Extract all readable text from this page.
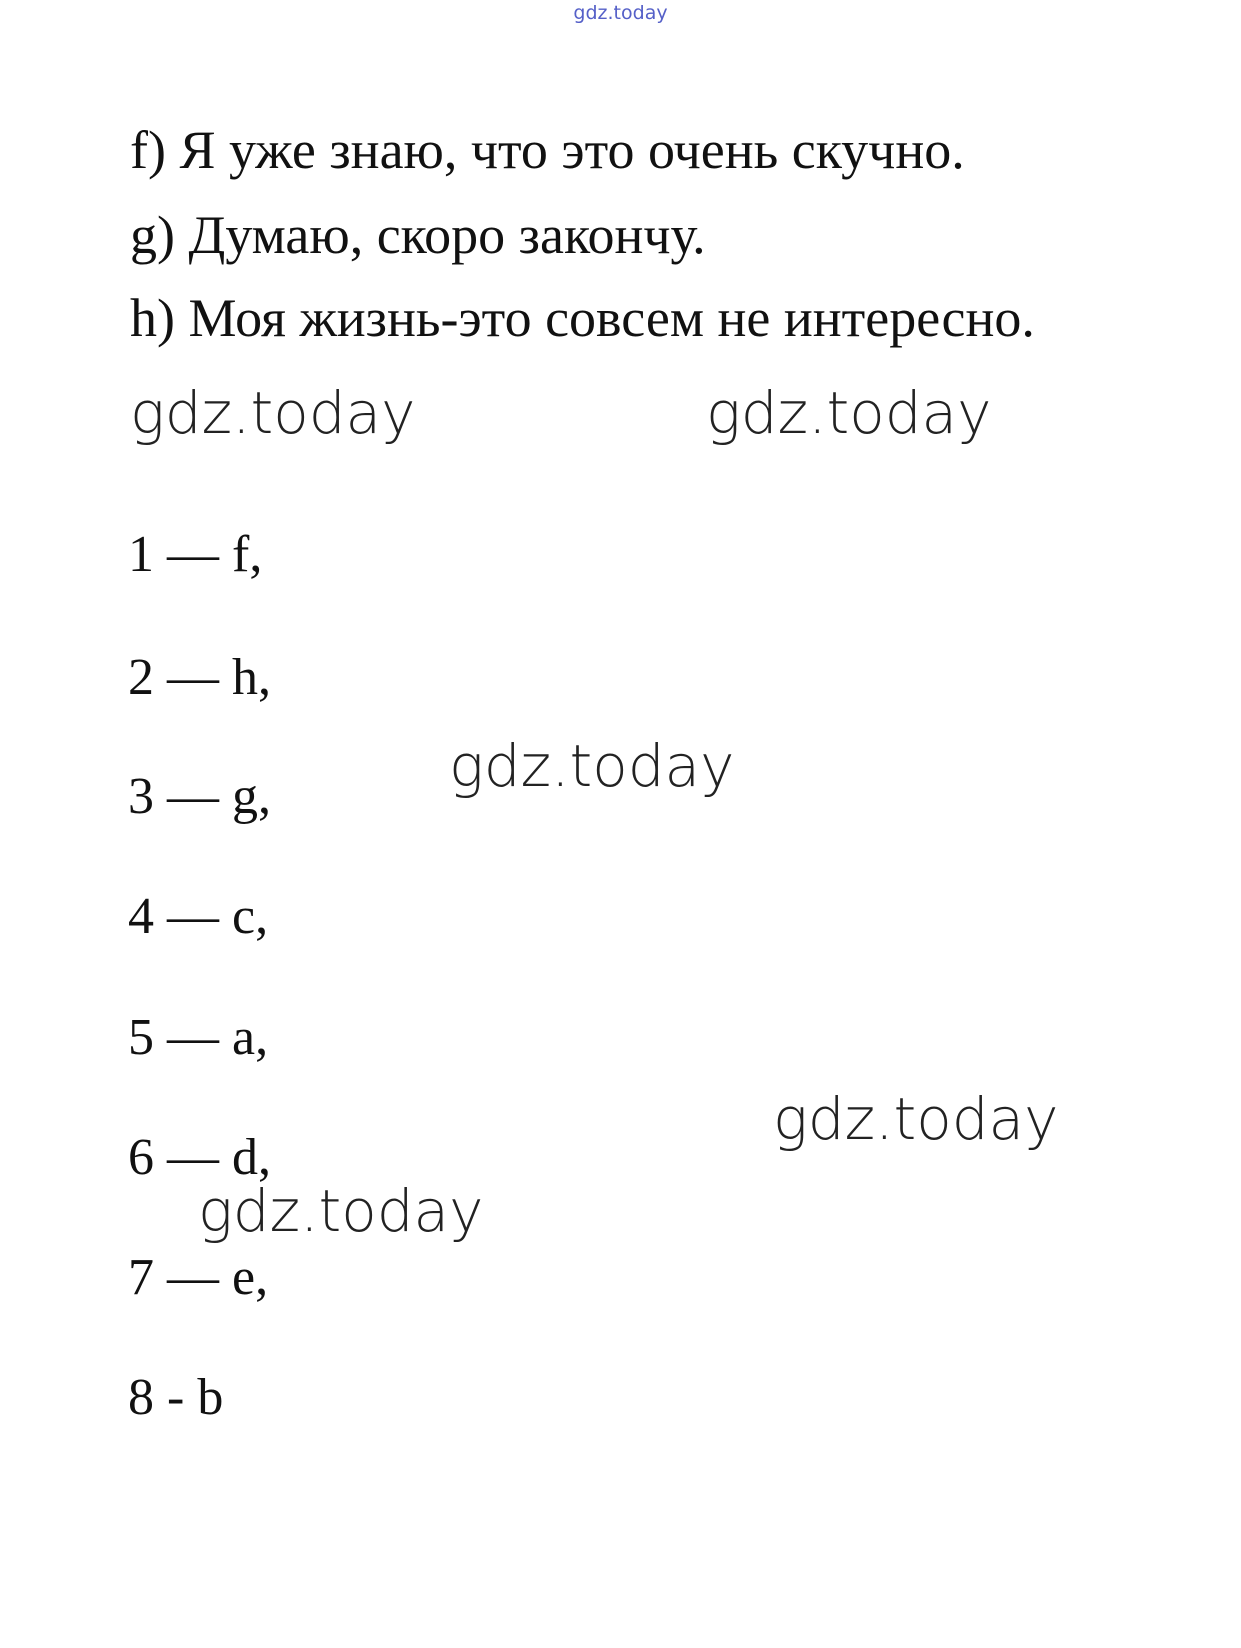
gdz.today
f) Я уже знаю, что это очень скучно.
g) Думаю, скоро закончу.
h) Моя жизнь-это совсем не интересно.
gdz.today	gdz.today
1 — f,
2 — h,
3 — g,
4 — c,
5 — a,
6 — d,
7 — e,
8 - b
gdz.today
gdz.today
gdz.today
